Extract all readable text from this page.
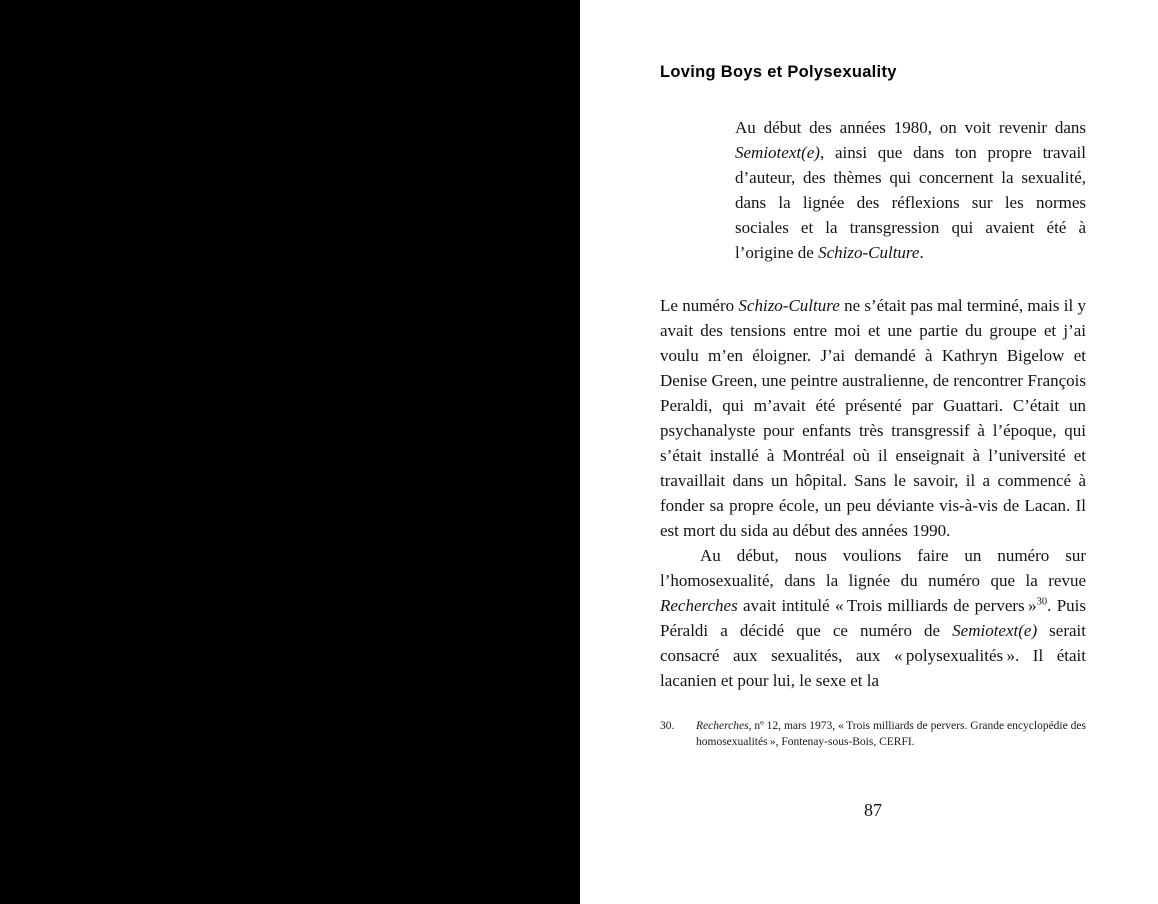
Loving Boys et Polysexuality
Au début des années 1980, on voit revenir dans Semiotext(e), ainsi que dans ton propre travail d’auteur, des thèmes qui concernent la sexualité, dans la lignée des réflexions sur les normes sociales et la transgression qui avaient été à l’origine de Schizo-Culture.

Le numéro Schizo-Culture ne s’était pas mal terminé, mais il y avait des tensions entre moi et une partie du groupe et j’ai voulu m’en éloigner. J’ai demandé à Kathryn Bigelow et Denise Green, une peintre australienne, de rencontrer François Peraldi, qui m’avait été présenté par Guattari. C’était un psychanalyste pour enfants très transgressif à l’époque, qui s’était installé à Montréal où il enseignait à l’université et travaillait dans un hôpital. Sans le savoir, il a commencé à fonder sa propre école, un peu déviante vis-à-vis de Lacan. Il est mort du sida au début des années 1990.

Au début, nous voulions faire un numéro sur l’homosexualité, dans la lignée du numéro que la revue Recherches avait intitulé « Trois milliards de pervers »$^{30}$. Puis Péraldi a décidé que ce numéro de Semiotext(e) serait consacré aux sexualités, aux « polysexualités ». Il était lacanien et pour lui, le sexe et la

30. Recherches, nº 12, mars 1973, « Trois milliards de pervers. Grande encyclopédie des homosexualités », Fontenay-sous-Bois, CERFI.
87
